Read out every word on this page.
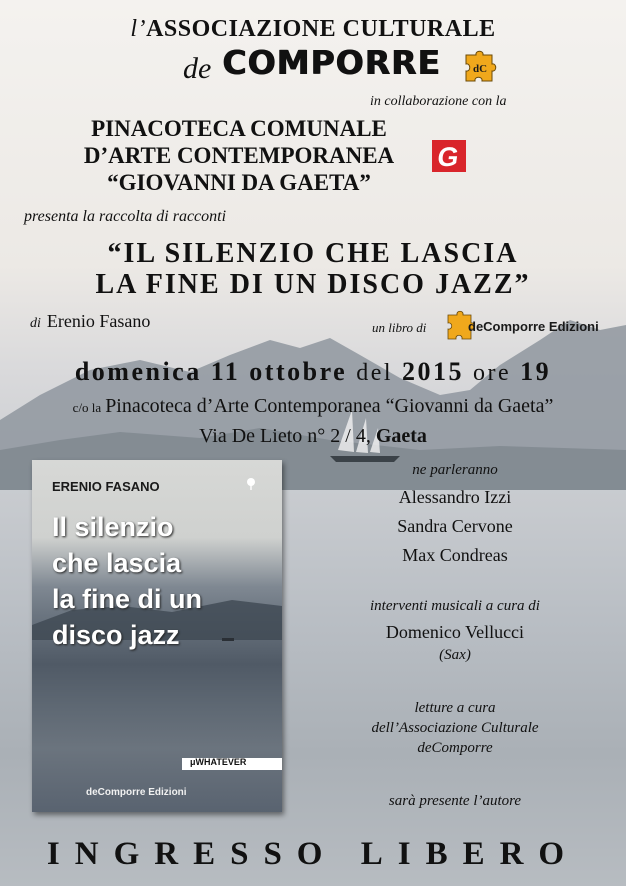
l’ASSOCIAZIONE CULTURALE
de COMPORRE	dC
in collaborazione con la
PINACOTECA COMUNALE
D’ARTE CONTEMPORANEA
“GIOVANNI DA GAETA”
G
presenta la raccolta di racconti
“IL SILENZIO CHE LASCIA
LA FINE DI UN DISCO JAZZ”
di Erenio Fasano	un libro di	deComporre Edizioni
domenica 11 ottobre del 2015 ore 19
c/o la Pinacoteca d’Arte Contemporanea “Giovanni da Gaeta”
Via De Lieto n° 2 / 4, Gaeta
ERENIO FASANO
Il silenzio
che lascia
la fine di un
disco jazz
μWHATEVER
deComporre Edizioni
ne parleranno
Alessandro Izzi
Sandra Cervone
Max Condreas
interventi musicali a cura di
Domenico Vellucci
(Sax)
letture a cura
dell’Associazione Culturale
deComporre
sarà presente l’autore
INGRESSO LIBERO
